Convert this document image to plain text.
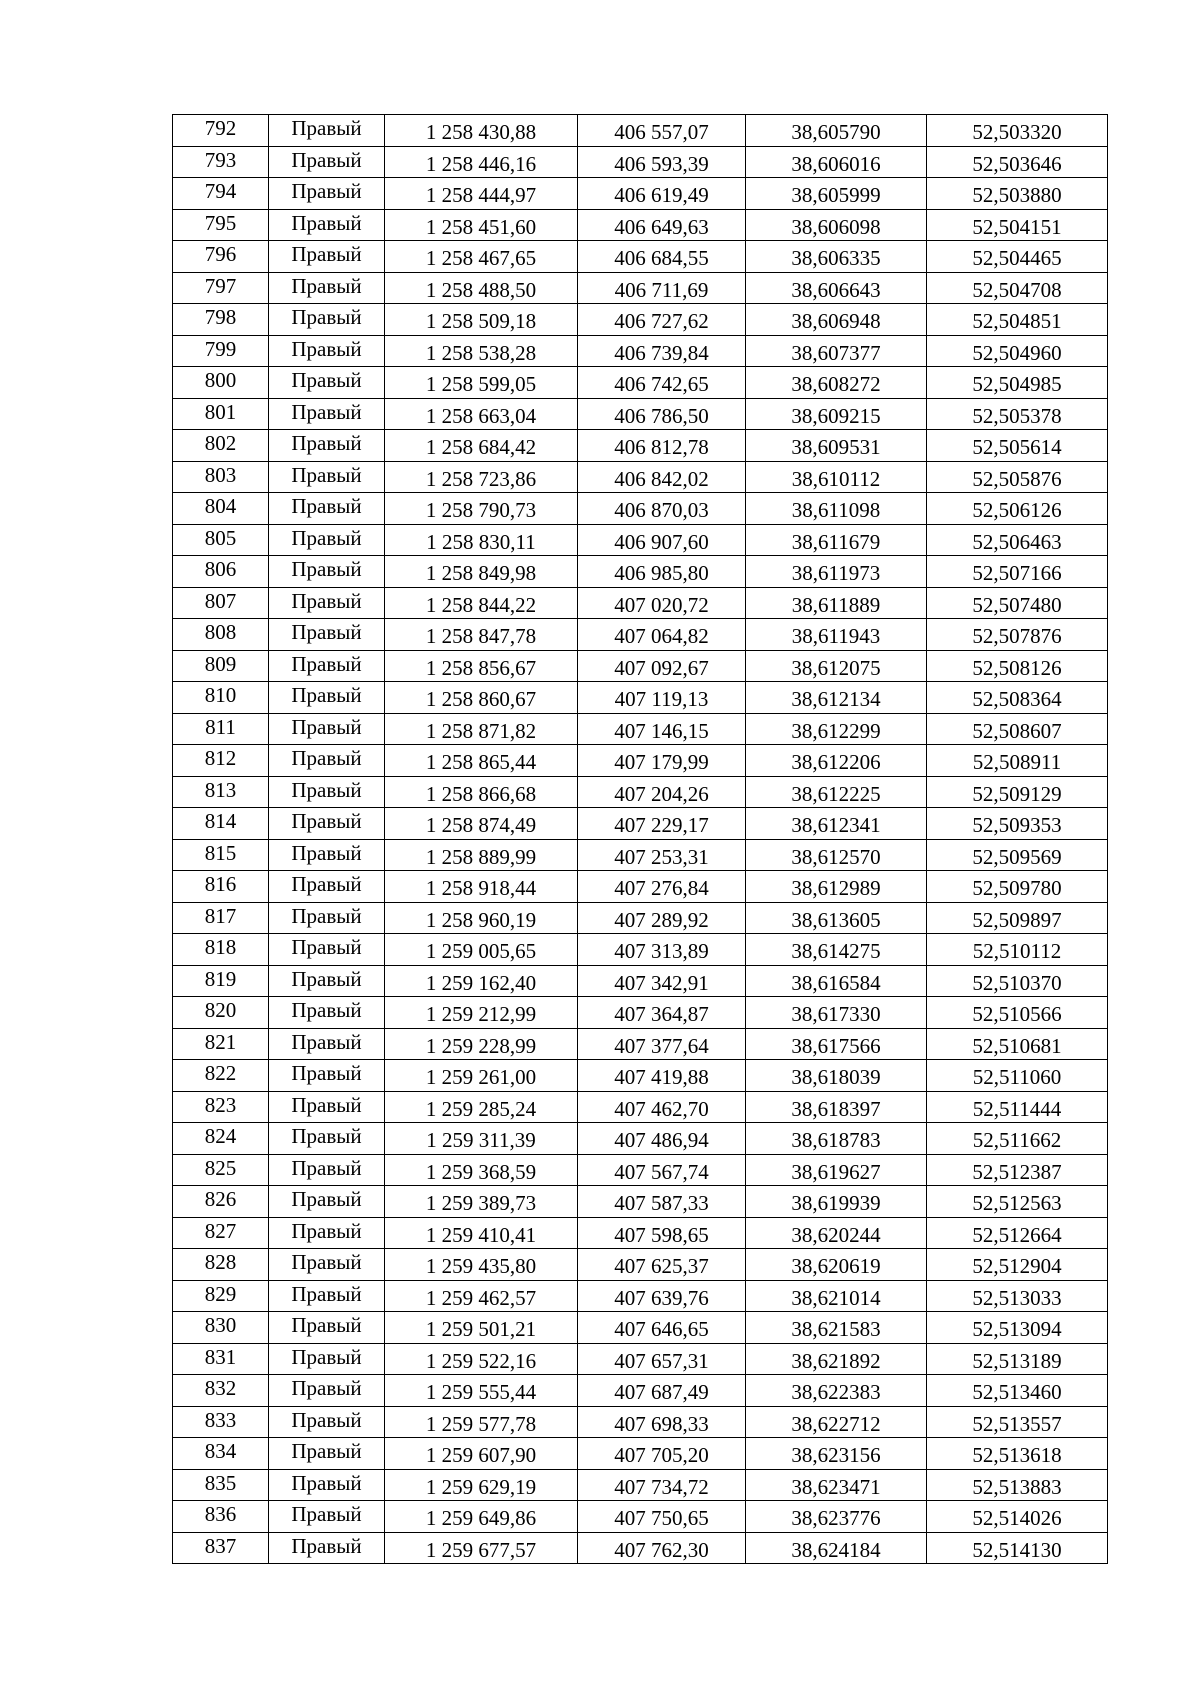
792	Правый	1 258 430,88	406 557,07	38,605790	52,503320
793	Правый	1 258 446,16	406 593,39	38,606016	52,503646
794	Правый	1 258 444,97	406 619,49	38,605999	52,503880
795	Правый	1 258 451,60	406 649,63	38,606098	52,504151
796	Правый	1 258 467,65	406 684,55	38,606335	52,504465
797	Правый	1 258 488,50	406 711,69	38,606643	52,504708
798	Правый	1 258 509,18	406 727,62	38,606948	52,504851
799	Правый	1 258 538,28	406 739,84	38,607377	52,504960
800	Правый	1 258 599,05	406 742,65	38,608272	52,504985
801	Правый	1 258 663,04	406 786,50	38,609215	52,505378
802	Правый	1 258 684,42	406 812,78	38,609531	52,505614
803	Правый	1 258 723,86	406 842,02	38,610112	52,505876
804	Правый	1 258 790,73	406 870,03	38,611098	52,506126
805	Правый	1 258 830,11	406 907,60	38,611679	52,506463
806	Правый	1 258 849,98	406 985,80	38,611973	52,507166
807	Правый	1 258 844,22	407 020,72	38,611889	52,507480
808	Правый	1 258 847,78	407 064,82	38,611943	52,507876
809	Правый	1 258 856,67	407 092,67	38,612075	52,508126
810	Правый	1 258 860,67	407 119,13	38,612134	52,508364
811	Правый	1 258 871,82	407 146,15	38,612299	52,508607
812	Правый	1 258 865,44	407 179,99	38,612206	52,508911
813	Правый	1 258 866,68	407 204,26	38,612225	52,509129
814	Правый	1 258 874,49	407 229,17	38,612341	52,509353
815	Правый	1 258 889,99	407 253,31	38,612570	52,509569
816	Правый	1 258 918,44	407 276,84	38,612989	52,509780
817	Правый	1 258 960,19	407 289,92	38,613605	52,509897
818	Правый	1 259 005,65	407 313,89	38,614275	52,510112
819	Правый	1 259 162,40	407 342,91	38,616584	52,510370
820	Правый	1 259 212,99	407 364,87	38,617330	52,510566
821	Правый	1 259 228,99	407 377,64	38,617566	52,510681
822	Правый	1 259 261,00	407 419,88	38,618039	52,511060
823	Правый	1 259 285,24	407 462,70	38,618397	52,511444
824	Правый	1 259 311,39	407 486,94	38,618783	52,511662
825	Правый	1 259 368,59	407 567,74	38,619627	52,512387
826	Правый	1 259 389,73	407 587,33	38,619939	52,512563
827	Правый	1 259 410,41	407 598,65	38,620244	52,512664
828	Правый	1 259 435,80	407 625,37	38,620619	52,512904
829	Правый	1 259 462,57	407 639,76	38,621014	52,513033
830	Правый	1 259 501,21	407 646,65	38,621583	52,513094
831	Правый	1 259 522,16	407 657,31	38,621892	52,513189
832	Правый	1 259 555,44	407 687,49	38,622383	52,513460
833	Правый	1 259 577,78	407 698,33	38,622712	52,513557
834	Правый	1 259 607,90	407 705,20	38,623156	52,513618
835	Правый	1 259 629,19	407 734,72	38,623471	52,513883
836	Правый	1 259 649,86	407 750,65	38,623776	52,514026
837	Правый	1 259 677,57	407 762,30	38,624184	52,514130
